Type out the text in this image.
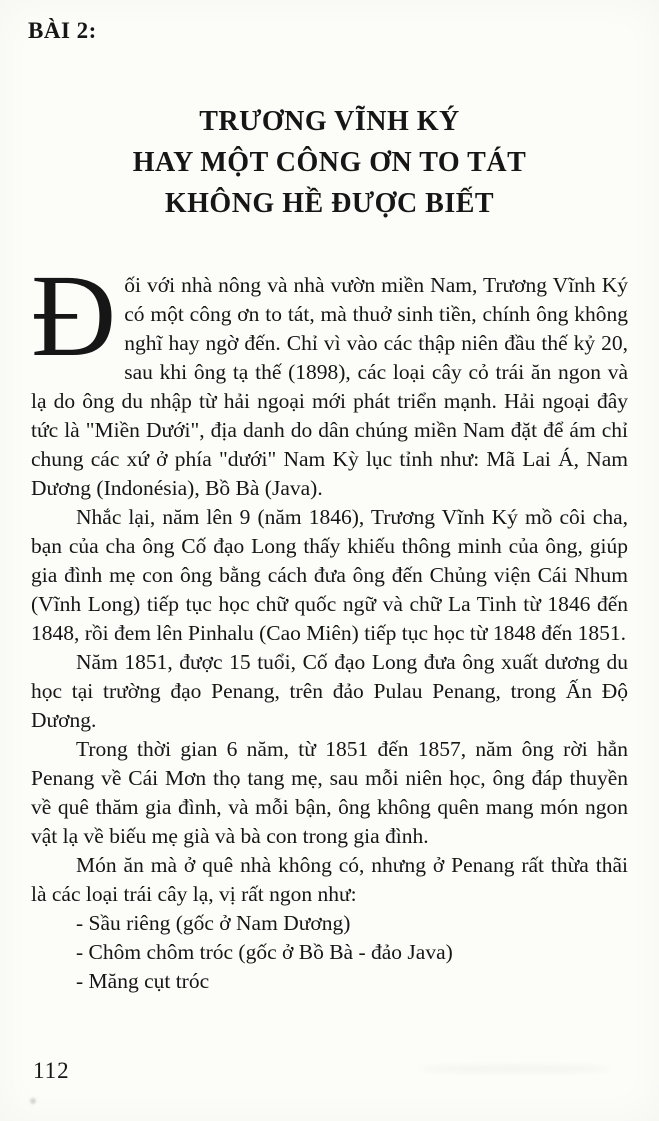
BÀI 2:
TRƯƠNG VĨNH KÝ
HAY MỘT CÔNG ƠN TO TÁT
KHÔNG HỀ ĐƯỢC BIẾT

Đối với nhà nông và nhà vườn miền Nam, Trương Vĩnh Ký có một công ơn to tát, mà thuở sinh tiền, chính ông không nghĩ hay ngờ đến. Chỉ vì vào các thập niên đầu thế kỷ 20, sau khi ông tạ thế (1898), các loại cây cỏ trái ăn ngon và lạ do ông du nhập từ hải ngoại mới phát triển mạnh. Hải ngoại đây tức là "Miền Dưới", địa danh do dân chúng miền Nam đặt để ám chỉ chung các xứ ở phía "dưới" Nam Kỳ lục tỉnh như: Mã Lai Á, Nam Dương (Indonésia), Bồ Bà (Java).

Nhắc lại, năm lên 9 (năm 1846), Trương Vĩnh Ký mồ côi cha, bạn của cha ông Cố đạo Long thấy khiếu thông minh của ông, giúp gia đình mẹ con ông bằng cách đưa ông đến Chủng viện Cái Nhum (Vĩnh Long) tiếp tục học chữ quốc ngữ và chữ La Tinh từ 1846 đến 1848, rồi đem lên Pinhalu (Cao Miên) tiếp tục học từ 1848 đến 1851.

Năm 1851, được 15 tuổi, Cố đạo Long đưa ông xuất dương du học tại trường đạo Penang, trên đảo Pulau Penang, trong Ấn Độ Dương.

Trong thời gian 6 năm, từ 1851 đến 1857, năm ông rời hẳn Penang về Cái Mơn thọ tang mẹ, sau mỗi niên học, ông đáp thuyền về quê thăm gia đình, và mỗi bận, ông không quên mang món ngon vật lạ về biếu mẹ già và bà con trong gia đình.

Món ăn mà ở quê nhà không có, nhưng ở Penang rất thừa thãi là các loại trái cây lạ, vị rất ngon như:

- Sầu riêng (gốc ở Nam Dương)

- Chôm chôm tróc (gốc ở Bồ Bà - đảo Java)

- Măng cụt tróc

112
